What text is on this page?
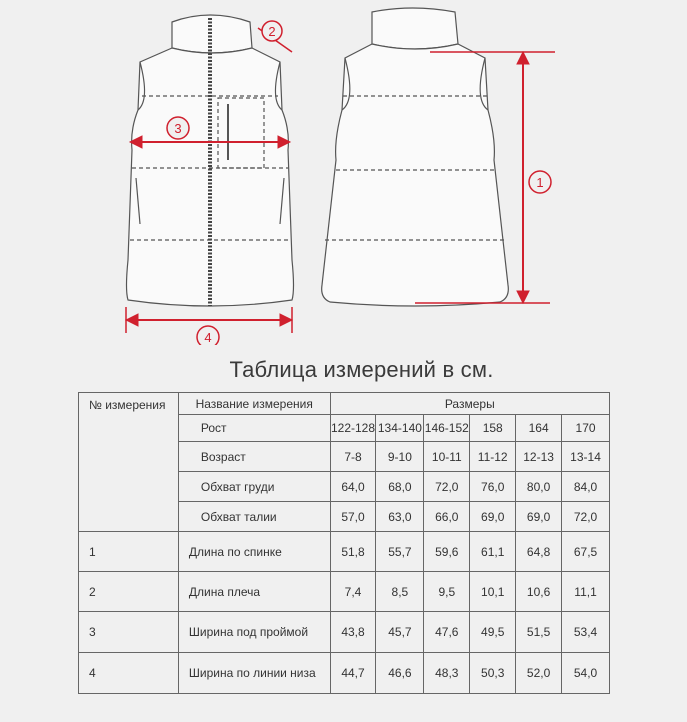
1
2
3
4
Таблица измерений в см.
№ измерения	Название измерения	Размеры					
	Рост	122-128	134-140	146-152	158	164	170
	Возраст	7-8	9-10	10-11	11-12	12-13	13-14
	Обхват груди	64,0	68,0	72,0	76,0	80,0	84,0
	Обхват талии	57,0	63,0	66,0	69,0	69,0	72,0
1	Длина по спинке	51,8	55,7	59,6	61,1	64,8	67,5
2	Длина плеча	7,4	8,5	9,5	10,1	10,6	11,1
3	Ширина под проймой	43,8	45,7	47,6	49,5	51,5	53,4
4	Ширина по линии низа	44,7	46,6	48,3	50,3	52,0	54,0
